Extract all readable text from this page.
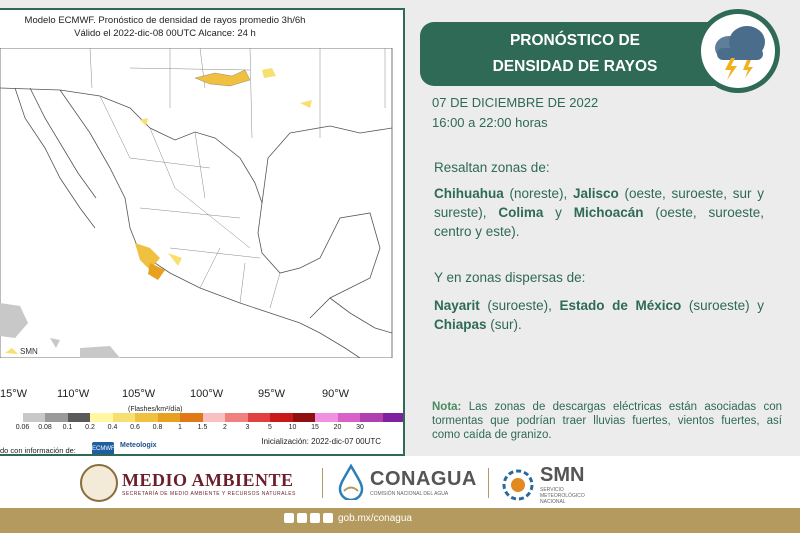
Modelo ECMWF. Pronóstico de densidad de rayos promedio 3h/6h
Válido el 2022-dic-08 00UTC Alcance: 24 h
SMN
15°W	110°W	105°W	100°W	95°W	90°W
(Flashes/km²/día)
0.06 0.08 0.1 0.2 0.4 0.6 0.8 1 1.5 2	3	5 10 15 20 30
do con información de:	ECMWF Meteologix	Inicialización: 2022-dic-07 00UTC
PRONÓSTICO DE
DENSIDAD DE RAYOS
07 DE DICIEMBRE DE 2022
16:00 a 22:00 horas
Resaltan zonas de:
Chihuahua (noreste), Jalisco (oeste, suroeste, sur y sureste), Colima y Michoacán (oeste, suroeste, centro y este).
Y en zonas dispersas de:
Nayarit (suroeste), Estado de México (suroeste) y Chiapas (sur).
Nota: Las zonas de descargas eléctricas están asociadas con tormentas que podrían traer lluvias fuertes, vientos fuertes, así como caída de granizo.
MEDIO AMBIENTE
SECRETARÍA DE MEDIO AMBIENTE Y RECURSOS NATURALES
CONAGUA
COMISIÓN NACIONAL DEL AGUA
SMN
SERVICIO
METEOROLÓGICO
NACIONAL
gob.mx/conagua
